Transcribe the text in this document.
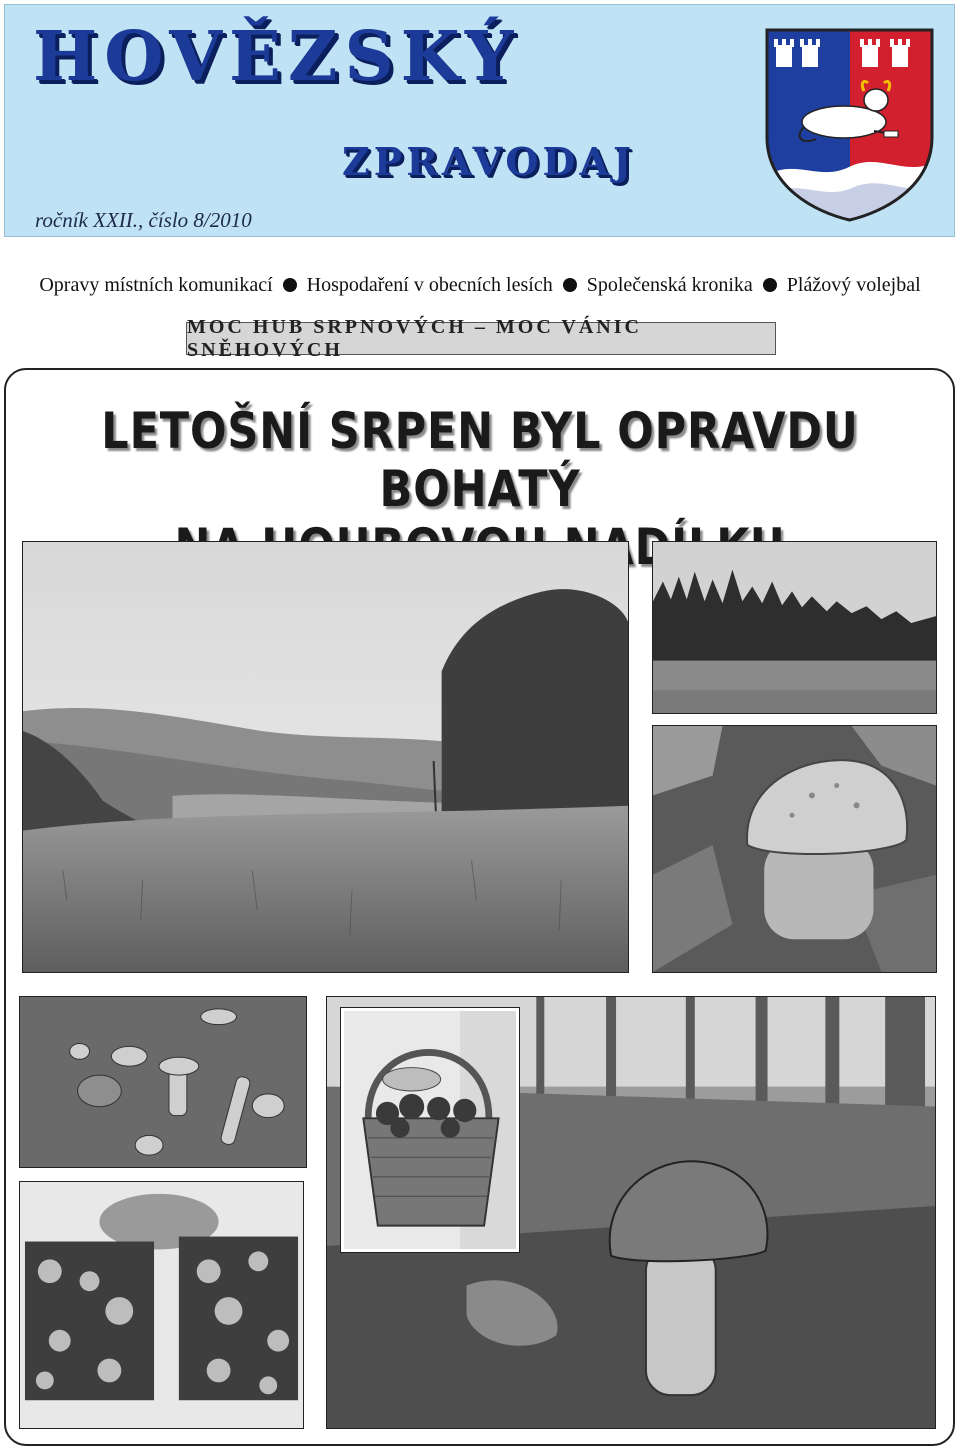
HOVĚZSKÝ
ZPRAVODAJ
ročník XXII., číslo 8/2010
Opravy místních komunikací Hospodaření v obecních lesích Společenská kronika Plážový volejbal
MOC HUB SRPNOVÝCH – MOC VÁNIC SNĚHOVÝCH
LETOŠNÍ SRPEN BYL OPRAVDU BOHATÝ
